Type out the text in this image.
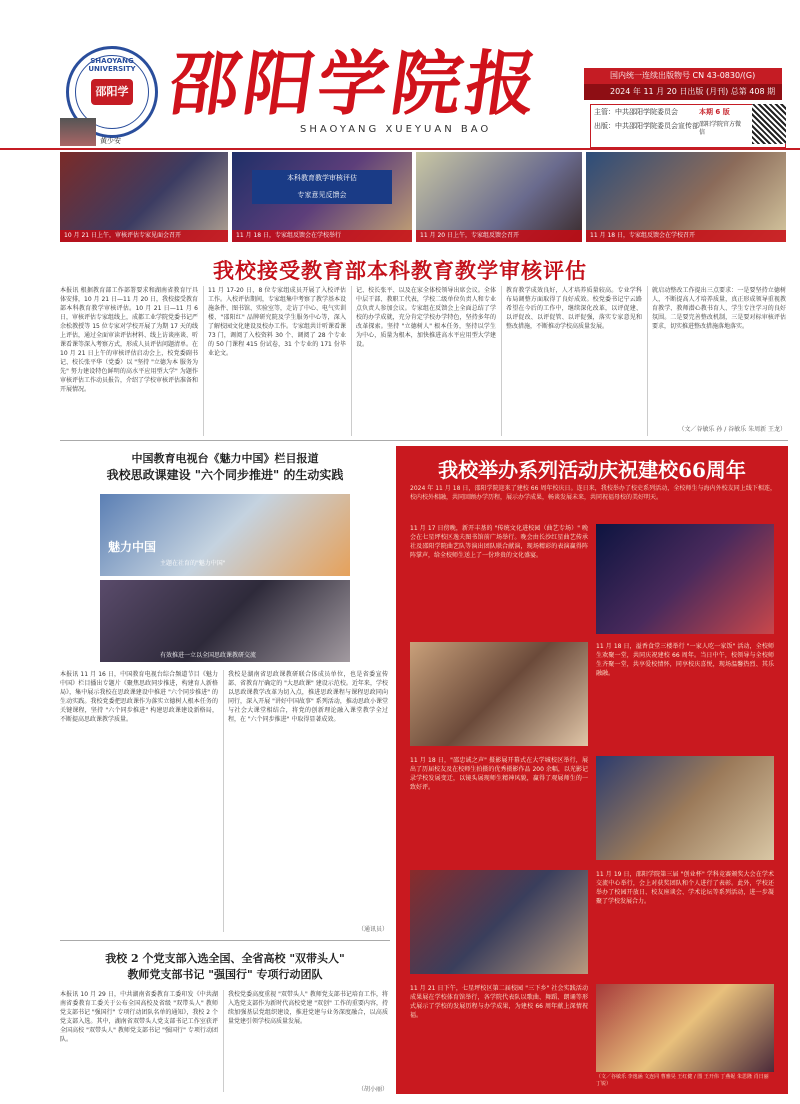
SHAOYANG UNIVERSITY
邵阳学院 邵阳学院报
SHAOYANG XUEYUAN BAO
国内统一连续出版物号 CN 43-0830/(G)
2024 年 11 月 20 日出版 (月刊) 总第 408 期
主管：中共邵阳学院委员会
出版：中共邵阳学院委员会宣传部
本期 6 版
邵阳学院官方微信
黄少安
10 月 21 日上午，审核评估专家见面会召开
本科教育教学审核评估
专家意见反馈会
11 月 18 日，专家组反馈会在学校举行	11 月 20 日上午，专家组反馈会召开	11 月 18 日，专家组反馈会在学校召开
我校接受教育部本科教育教学审核评估
本报讯 根据教育部工作部署要求和湖南省教育厅具体安排，10 月 21 日—11 月 20 日，我校接受教育部本科教育教学审核评估。10 月 21 日—11 月 6 日，审核评估专家组线上，成都工业学院党委书记严余松教授等 15 位专家对学校开展了为期 17 天的线上评估，通过全面审读评估材料、线上访谈座谈、听课看课等深入考察方式，形成人员评估问题清单。在 10 月 21 日上午的审核评估启动会上，校党委副书记、校长张平华（党委）以 "坚持 "立德为本 服务为先" 努力建设特色鲜明的高水平应用型大学" 为题作审核评估工作动员报告，介绍了学校审核评估准备和开展情况。
11 月 17-20 日，8 位专家组成员开展了入校评估工作。入校评估期间，专家组集中考察了教学基本设施条件、图书馆、实验室等，走访了中心、电气实训楼、"邵阳红" 品牌研究院及学生服务中心等，深入了解校园文化建设及校办工作。专家组共计听课看课 73 门，调阅了入校资料 30 个、调阅了 28 个专业的 50 门课程 415 份试卷，31 个专业的 171 份毕业论文。
记、校长张平、以及在家全体校领导出席会议。全体中层干部、教职工代表，学校二级单位负责人和专业点负责人参加会议。专家组在反馈会上全面总结了学校的办学成就，充分肯定学校办学特色，坚持多年的改革探索。坚持 "立德树人" 根本任务，坚持以学生为中心，质量为根本，加快推进高水平应用型大学建设。
教育教学成效良好，人才培养质量较高。专业学科布局调整方面取得了良好成效。校党委书记宁云路希望在今后的工作中，继续深化改革，以评促建、以评促改、以评促管、以评促强，落实专家意见和整改措施，不断推动学校高质量发展。
就启动整改工作提出三点要求：一是要坚持立德树人，不断提高人才培养质量，真正形成领导重视教育教学、教师潜心教书育人、学生专注学习的良好氛围。二是要完善整改机制，三是要对标审核评估要求，切实推进整改措施落地落实。
（文／谷敏乐 孙 / 谷敏乐 朱周新 王龙）
中国教育电视台《魅力中国》栏目报道
我校思政课建设 "六个同步推进" 的生动实践
魅力中国
主题在社育的"魅力中国"
有效推进一立以全国思政课教研交流
本报讯 11 月 16 日，中国教育电视台综合频道节目《魅力中国》栏目播出专题片《聚焦思政同步推进，构建育人新格局》，集中展示我校在思政课建设中推进 "六个同步推进" 的生动实践。我校党委把思政课作为落实立德树人根本任务的关键课程，坚持 "六个同步推进" 构建思政课建设新格局，不断提高思政课教学质量。
我校是湖南省思政课教研联合体成员单位，也是省委宣传部、省教育厅确定的 "大思政课" 建设示范校。近年来，学校以思政课教学改革为切入点，推进思政课程与课程思政同向同行，深入开展 "讲好中国故事" 系列活动，推动思政小课堂与社会大课堂相结合，将党的创新理论融入课堂教学全过程，在 "六个同步推进" 中取得显著成效。
（通讯员）
我校 2 个党支部入选全国、全省高校 "双带头人"
教师党支部书记 "强国行" 专项行动团队
本报讯 10 月 29 日，中共湖南省委教育工委印发《中共湖南省委教育工委关于公布全国高校及省级 "双带头人" 教师党支部书记 "强国行" 专项行动团队名单的通知》，我校 2 个党支部入选。其中，湖南省双带头人党支部书记工作室获评全国高校 "双带头人" 教师党支部书记 "强国行" 专项行动团队。
我校党委高度重视 "双带头人" 教师党支部书记培育工作，将入选党支部作为新时代高校党建 "双创" 工作的重要内容，持续加强基层党组织建设，推进党建与业务深度融合，以高质量党建引领学校高质量发展。
（胡小丽）
我校举办系列活动庆祝建校66周年
2024 年 11 月 18 日，邵阳学院迎来了建校 66 周年校庆日。连日来，我校举办了校史系列活动，全校师生与海内外校友同上线下相连，校内校外相融，共同回顾办学历程，展示办学成果，畅谈发展未来，共同祝福母校的美好明天。
11 月 17 日傍晚，新开丰基的 "传统文化进校园（曲艺专场）" 晚会在七星坪校区逸夫图书馆前广场举行。晚会由长沙红星曲艺传承社及邵阳学院曲艺队等演出团队联合献演，现场精彩的表演赢得阵阵掌声，给全校师生送上了一份珍贵的文化盛宴。
11 月 18 日，溢香食堂三楼举行 "一家人吃一家饭" 活动，全校师生欢聚一堂，共同庆祝建校 66 周年。当日中午，校领导与全校师生齐聚一堂，共享爱校情怀，同享校庆喜悦，现场温馨热烈、其乐融融。
11 月 18 日，"邵忠诚之声" 摄影展开幕式在大学城校区举行，展出了历届校友及在校师生拍摄的优秀摄影作品 200 余幅，以光影记录学校发展变迁，以镜头展现师生精神风貌，赢得了观展师生的一致好评。
11 月 19 日，邵阳学院第三届 "创业杯" 学科竞赛颁奖大会在学术交流中心举行，会上对获奖团队和个人进行了表彰。此外，学校还举办了校园开放日、校友座谈会、学术论坛等系列活动，进一步凝聚了学校发展合力。
11 月 21 日下午，七星坪校区第二届校园 "三下乡" 社会实践活动成果展在学校体育馆举行，各学院代表队以歌曲、舞蹈、朗诵等形式展示了学校的发展历程与办学成果，为建校 66 周年献上深情祝福。
（文／谷敏乐 李逸涵 文连同 曹雅昊 王红健 / 图 王开伟 丁燕妮 朱思隆 肖日丽 丁锐）
